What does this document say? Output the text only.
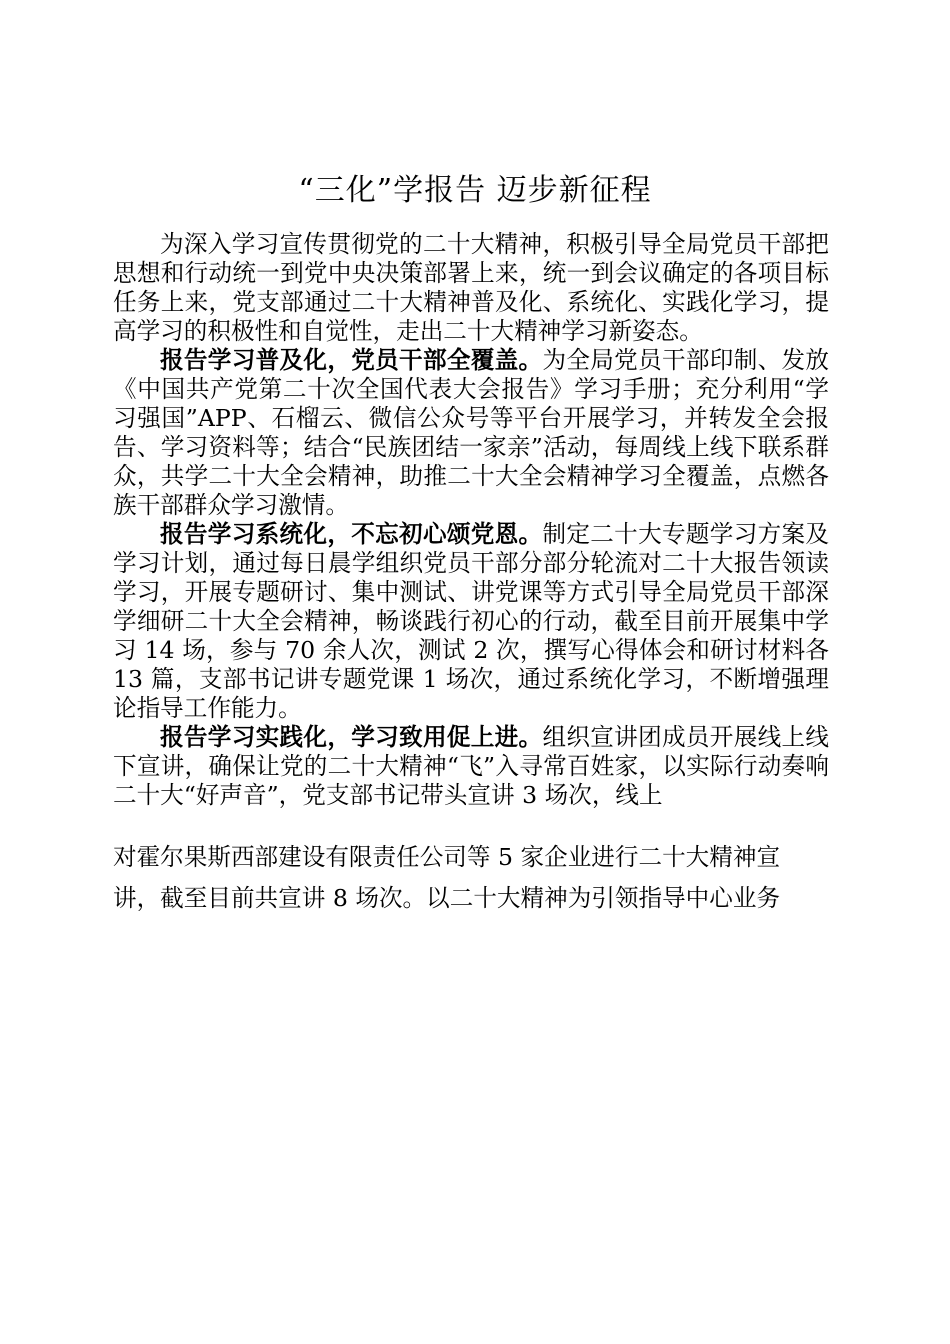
“三化”学报告 迈步新征程

为深入学习宣传贯彻党的二十大精神，积极引导全局党员干部把思想和行动统一到党中央决策部署上来，统一到会议确定的各项目标任务上来，党支部通过二十大精神普及化、系统化、实践化学习，提高学习的积极性和自觉性，走出二十大精神学习新姿态。

报告学习普及化，党员干部全覆盖。为全局党员干部印制、发放《中国共产党第二十次全国代表大会报告》学习手册；充分利用“学习强国”APP、石榴云、微信公众号等平台开展学习，并转发全会报告、学习资料等；结合“民族团结一家亲”活动，每周线上线下联系群众，共学二十大全会精神，助推二十大全会精神学习全覆盖，点燃各族干部群众学习激情。

报告学习系统化，不忘初心颂党恩。制定二十大专题学习方案及学习计划，通过每日晨学组织党员干部分部分轮流对二十大报告领读学习，开展专题研讨、集中测试、讲党课等方式引导全局党员干部深学细研二十大全会精神，畅谈践行初心的行动，截至目前开展集中学习 14 场，参与 70 余人次，测试 2 次，撰写心得体会和研讨材料各 13 篇，支部书记讲专题党课 1 场次，通过系统化学习，不断增强理论指导工作能力。

报告学习实践化，学习致用促上进。组织宣讲团成员开展线上线下宣讲，确保让党的二十大精神“飞”入寻常百姓家，以实际行动奏响二十大“好声音”，党支部书记带头宣讲 3 场次，线上

对霍尔果斯西部建设有限责任公司等 5 家企业进行二十大精神宣
讲，截至目前共宣讲 8 场次。以二十大精神为引领指导中心业务
